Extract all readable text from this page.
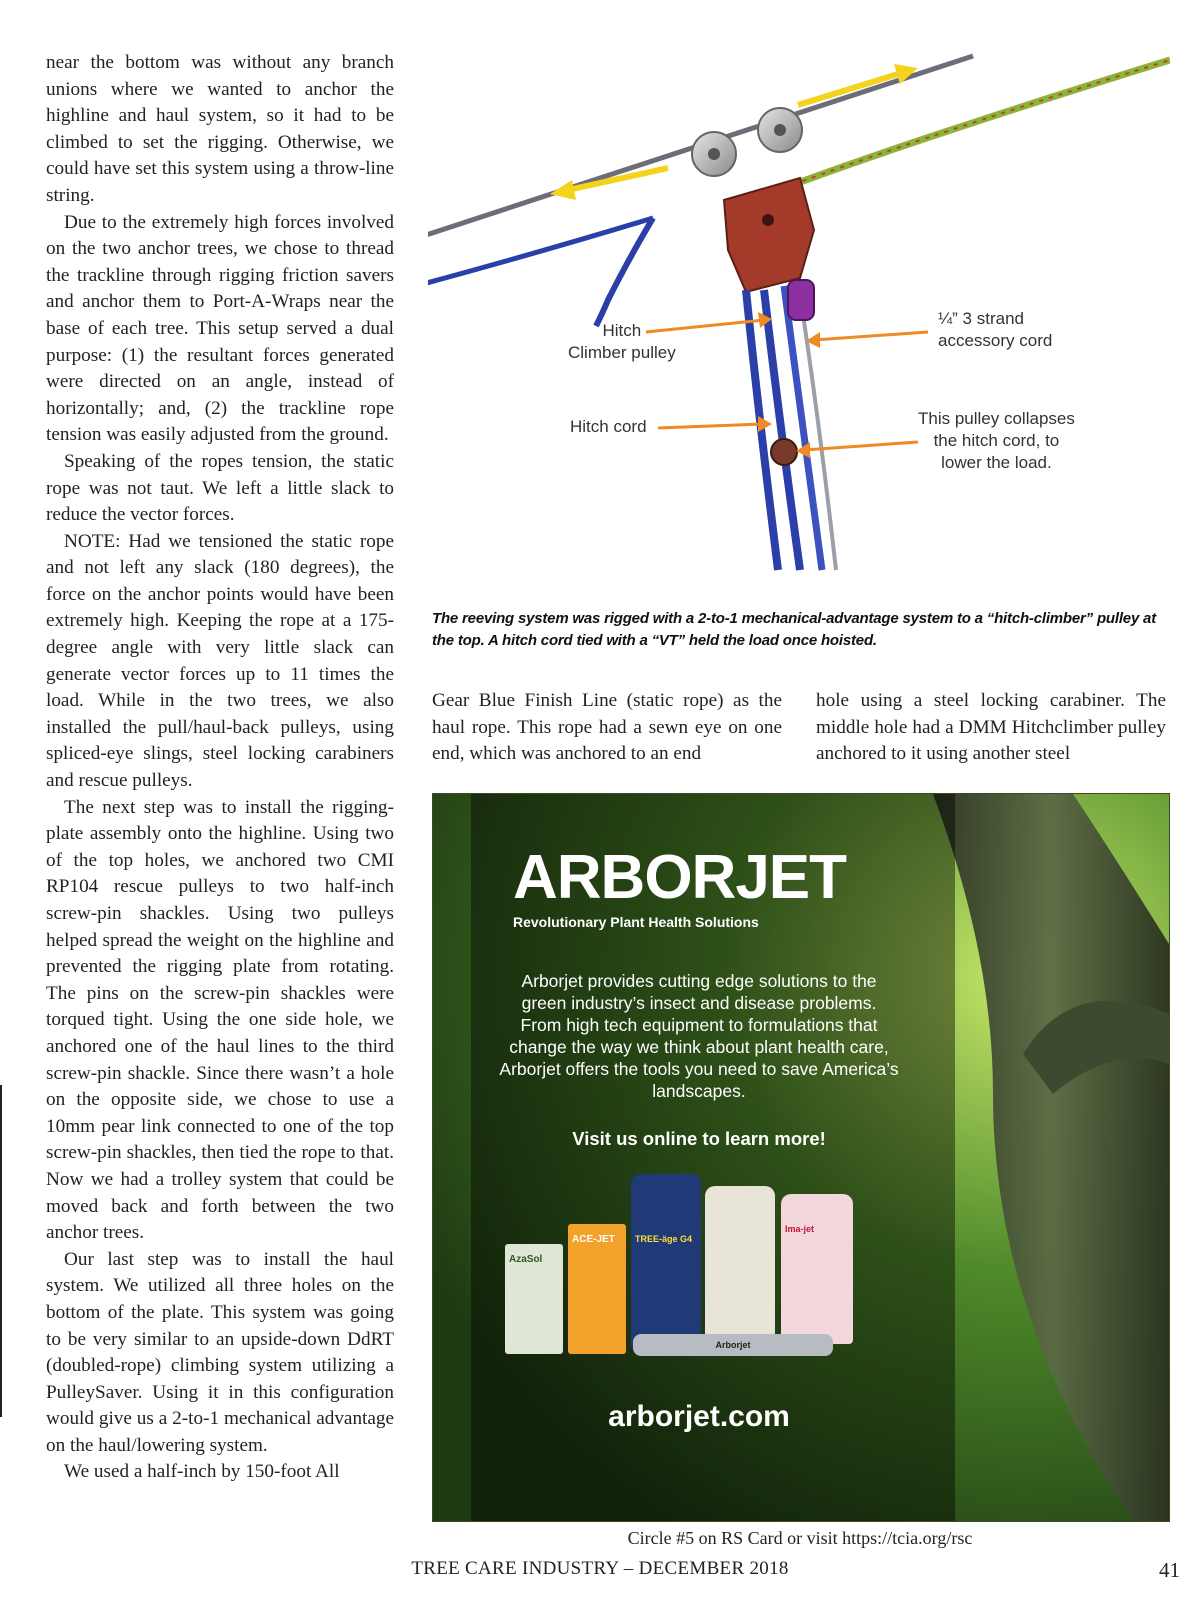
near the bottom was without any branch unions where we wanted to anchor the highline and haul system, so it had to be climbed to set the rigging. Otherwise, we could have set this system using a throw-line string.

Due to the extremely high forces involved on the two anchor trees, we chose to thread the trackline through rigging friction savers and anchor them to Port-A-Wraps near the base of each tree. This setup served a dual purpose: (1) the resultant forces generated were directed on an angle, instead of horizontally; and, (2) the trackline rope tension was easily adjusted from the ground.

Speaking of the ropes tension, the static rope was not taut. We left a little slack to reduce the vector forces.

NOTE: Had we tensioned the static rope and not left any slack (180 degrees), the force on the anchor points would have been extremely high. Keeping the rope at a 175-degree angle with very little slack can generate vector forces up to 11 times the load. While in the two trees, we also installed the pull/haul-back pulleys, using spliced-eye slings, steel locking carabiners and rescue pulleys.

The next step was to install the rigging-plate assembly onto the highline. Using two of the top holes, we anchored two CMI RP104 rescue pulleys to two half-inch screw-pin shackles. Using two pulleys helped spread the weight on the highline and prevented the rigging plate from rotating. The pins on the screw-pin shackles were torqued tight. Using the one side hole, we anchored one of the haul lines to the third screw-pin shackle. Since there wasn’t a hole on the opposite side, we chose to use a 10mm pear link connected to one of the top screw-pin shackles, then tied the rope to that. Now we had a trolley system that could be moved back and forth between the two anchor trees.

Our last step was to install the haul system. We utilized all three holes on the bottom of the plate. This system was going to be very similar to an upside-down DdRT (doubled-rope) climbing system utilizing a PulleySaver. Using it in this configuration would give us a 2-to-1 mechanical advantage on the haul/lowering system.

We used a half-inch by 150-foot All

Hitch
Climber pulley
¼” 3 strand
accessory cord
Hitch cord	This pulley collapses
the hitch cord, to
lower the load.
The reeving system was rigged with a 2-to-1 mechanical-advantage system to a “hitch-climber” pulley at the top. A hitch cord tied with a “VT” held the load once hoisted.
Gear Blue Finish Line (static rope) as the haul rope. This rope had a sewn eye on one end, which was anchored to an end
hole using a steel locking carabiner. The middle hole had a DMM Hitchclimber pulley anchored to it using another steel
ARBORJET
Revolutionary Plant Health Solutions
Arborjet provides cutting edge solutions to the green industry’s insect and disease problems. From high tech equipment to formulations that change the way we think about plant health care, Arborjet offers the tools you need to save America’s landscapes.
Visit us online to learn more!
AzaSol
ACE-JET	TREE-äge G4
Ima-jet
Arborjet
arborjet.com
Circle #5 on RS Card or visit https://tcia.org/rsc
TREE CARE INDUSTRY – DECEMBER 2018	41
